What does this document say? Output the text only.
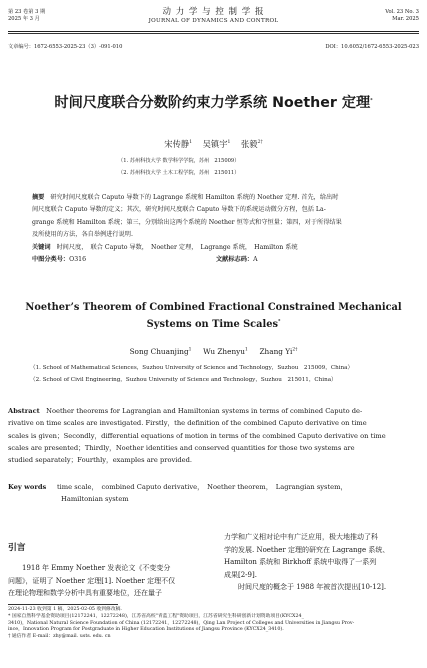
第 23 卷第 3 期
2025 年 3 月
动 力 学 与 控 制 学 报
JOURNAL OF DYNAMICS AND CONTROL
Vol. 23 No. 3
Mar. 2025
文章编号：1672-6553-2025-23（3）-091-010	DOI：10.6052/1672-6553-2025-023
时间尺度联合分数阶约束力学系统 Noether 定理*
宋传静$^1$ 吴镇宇$^1$ 张毅$^{2\dagger}$
（1. 苏州科技大学 数学科学学院，苏州　215009）
（2. 苏州科技大学 土木工程学院，苏州　215011）
摘要 研究时间尺度联合 Caputo 导数下的 Lagrange 系统和 Hamilton 系统的 Noether 定理. 首先，给出时
间尺度联合 Caputo 导数的定义；其次，研究时间尺度联合 Caputo 导数下的系统运动微分方程，包括 La-
grange 系统和 Hamilton 系统；第三，分别给出这两个系统的 Noether 恒等式和守恒量；第四，对于所得结果
及所使用的方法，各自举例进行说明.
关键词 时间尺度，　联合 Caputo 导数，　Noether 定理，　Lagrange 系统，　Hamilton 系统
中图分类号：O316	文献标志码：A
Noether’s Theorem of Combined Fractional Constrained Mechanical
Systems on Time Scales*
Song Chuanjing$^1$ Wu Zhenyu$^1$ Zhang $Yi^{2\dagger}$
（1. School of Mathematical Sciences，Suzhou University of Science and Technology，Suzhou　215009，China）
（2. School of Civil Engineering，Suzhou University of Science and Technology，Suzhou　215011，China）
Abstract Noether theorems for Lagrangian and Hamiltonian systems in terms of combined Caputo de-
rivative on time scales are investigated. Firstly，the definition of the combined Caputo derivative on time
scales is given；Secondly，differential equations of motion in terms of the combined Caputo derivative on time
scales are presented；Thirdly，Noether identities and conserved quantities for those two systems are
studied separately；Fourthly，examples are provided.
Key words time scale，　combined Caputo derivative，　Noether theorem，　Lagrangian system，
Hamiltonian system
引言
1918 年 Emmy Noether 发表论文《不变变分
问题》，证明了 Noether 定理[1]. Noether 定理不仅
在理论物理和数学分析中具有重要地位，还在量子
力学和广义相对论中有广泛应用，极大地推动了科
学的发展. Noether 定理的研究在 Lagrange 系统、
Hamilton 系统和 Birkhoff 系统中取得了一系列
成果[2-9].
时间尺度的概念于 1988 年被首次提出[10-12].
2024-11-23 收到第 1 稿，2025-02-05 收到修改稿.
* 国家自然科学基金资助项目(12172241，12272248)，江苏省高校"青蓝工程"资助项目，江苏省研究生科研创新计划资助项目(KYCX24_
3410)，National Natural Science Foundation of China (12172241，12272248)，Qing Lan Project of Colleges and Universities in Jiangsu Prov-
ince，Innovation Program for Postgraduate in Higher Education Institutions of Jiangsu Province (KYCX24_3410).
† 通信作者 E-mail：zhy@mail. usts. edu. cn
